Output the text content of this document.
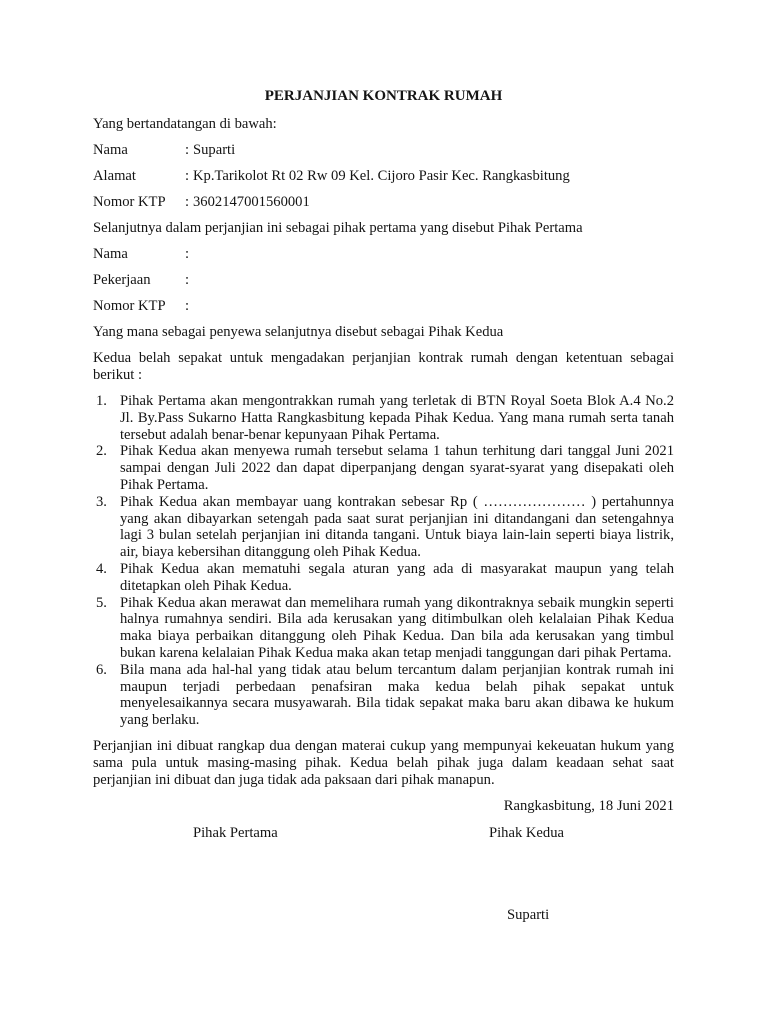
PERJANJIAN KONTRAK RUMAH

Yang bertandatangan di bawah:

Nama	: Suparti
Alamat	: Kp.Tarikolot Rt 02 Rw 09 Kel. Cijoro Pasir Kec. Rangkasbitung
Nomor KTP	: 3602147001560001

Selanjutnya dalam perjanjian ini sebagai pihak pertama yang disebut Pihak Pertama

Nama	:
Pekerjaan	:
Nomor KTP	:

Yang mana sebagai penyewa selanjutnya disebut sebagai Pihak Kedua

Kedua belah sepakat untuk mengadakan perjanjian kontrak rumah dengan ketentuan sebagai berikut :

1. Pihak Pertama akan mengontrakkan rumah yang terletak di BTN Royal Soeta Blok A.4 No.2 Jl. By.Pass Sukarno Hatta Rangkasbitung kepada Pihak Kedua. Yang mana rumah serta tanah tersebut adalah benar-benar kepunyaan Pihak Pertama.
2. Pihak Kedua akan menyewa rumah tersebut selama 1 tahun terhitung dari tanggal Juni 2021 sampai dengan Juli 2022 dan dapat diperpanjang dengan syarat-syarat yang disepakati oleh Pihak Pertama.
3. Pihak Kedua akan membayar uang kontrakan sebesar Rp ( ………………… ) pertahunnya yang akan dibayarkan setengah pada saat surat perjanjian ini ditandangani dan setengahnya lagi 3 bulan setelah perjanjian ini ditanda tangani. Untuk biaya lain-lain seperti biaya listrik, air, biaya kebersihan ditanggung oleh Pihak Kedua.
4. Pihak Kedua akan mematuhi segala aturan yang ada di masyarakat maupun yang telah ditetapkan oleh Pihak Kedua.
5. Pihak Kedua akan merawat dan memelihara rumah yang dikontraknya sebaik mungkin seperti halnya rumahnya sendiri. Bila ada kerusakan yang ditimbulkan oleh kelalaian Pihak Kedua maka biaya perbaikan ditanggung oleh Pihak Kedua. Dan bila ada kerusakan yang timbul bukan karena kelalaian Pihak Kedua maka akan tetap menjadi tanggungan dari pihak Pertama.
6. Bila mana ada hal-hal yang tidak atau belum tercantum dalam perjanjian kontrak rumah ini maupun terjadi perbedaan penafsiran maka kedua belah pihak sepakat untuk menyelesaikannya secara musyawarah. Bila tidak sepakat maka baru akan dibawa ke hukum yang berlaku.

Perjanjian ini dibuat rangkap dua dengan materai cukup yang mempunyai kekeuatan hukum yang sama pula untuk masing-masing pihak. Kedua belah pihak juga dalam keadaan sehat saat perjanjian ini dibuat dan juga tidak ada paksaan dari pihak manapun.

Rangkasbitung, 18 Juni 2021
Pihak Pertama	Pihak Kedua
Suparti
